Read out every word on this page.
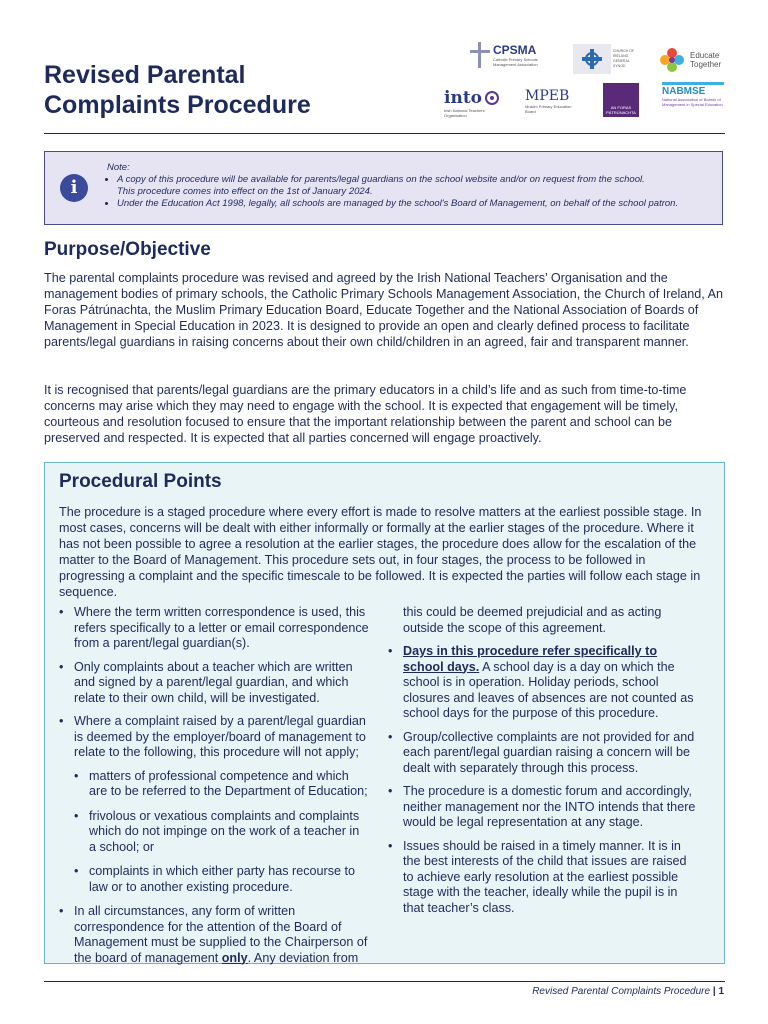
Revised Parental
Complaints Procedure
CPSMA
Catholic Primary Schools Management Association
CHURCH OF IRELAND GENERAL SYNOD
Educate Together
into
Irish National Teachers' Organisation
MPEB
Muslim Primary Education Board
AN FORAS PÁTRÚNACHTA
NABMSE
National Association of Boards of Management in Special Education
i
Note:
• A copy of this procedure will be available for parents/legal guardians on the school website and/or on request from the school.
This procedure comes into effect on the 1st of January 2024.
• Under the Education Act 1998, legally, all schools are managed by the school's Board of Management, on behalf of the school patron.
Purpose/Objective

The parental complaints procedure was revised and agreed by the Irish National Teachers’ Organisation and the management bodies of primary schools, the Catholic Primary Schools Management Association, the Church of Ireland, An Foras Pátrúnachta, the Muslim Primary Education Board, Educate Together and the National Association of Boards of Management in Special Education in 2023. It is designed to provide an open and clearly defined process to facilitate parents/legal guardians in raising concerns about their own child/children in an agreed, fair and transparent manner.

It is recognised that parents/legal guardians are the primary educators in a child’s life and as such from time-to-time concerns may arise which they may need to engage with the school. It is expected that engagement will be timely, courteous and resolution focused to ensure that the important relationship between the parent and school can be preserved and respected. It is expected that all parties concerned will engage proactively.

Procedural Points

The procedure is a staged procedure where every effort is made to resolve matters at the earliest possible stage. In most cases, concerns will be dealt with either informally or formally at the earlier stages of the procedure. Where it has not been possible to agree a resolution at the earlier stages, the procedure does allow for the escalation of the matter to the Board of Management. This procedure sets out, in four stages, the process to be followed in progressing a complaint and the specific timescale to be followed. It is expected the parties will follow each stage in sequence.

• Where the term written correspondence is used, this refers specifically to a letter or email correspondence from a parent/legal guardian(s).
• Only complaints about a teacher which are written and signed by a parent/legal guardian, and which relate to their own child, will be investigated.
• Where a complaint raised by a parent/legal guardian is deemed by the employer/board of management to relate to the following, this procedure will not apply;
• matters of professional competence and which are to be referred to the Department of Education;
• frivolous or vexatious complaints and complaints which do not impinge on the work of a teacher in a school; or
• complaints in which either party has recourse to law or to another existing procedure.
• In all circumstances, any form of written correspondence for the attention of the Board of Management must be supplied to the Chairperson of the board of management only. Any deviation from
this could be deemed prejudicial and as acting outside the scope of this agreement.
• Days in this procedure refer specifically to school days. A school day is a day on which the school is in operation. Holiday periods, school closures and leaves of absences are not counted as school days for the purpose of this procedure.
• Group/collective complaints are not provided for and each parent/legal guardian raising a concern will be dealt with separately through this process.
• The procedure is a domestic forum and accordingly, neither management nor the INTO intends that there would be legal representation at any stage.
• Issues should be raised in a timely manner. It is in the best interests of the child that issues are raised to achieve early resolution at the earliest possible stage with the teacher, ideally while the pupil is in that teacher’s class.
Revised Parental Complaints Procedure | 1
